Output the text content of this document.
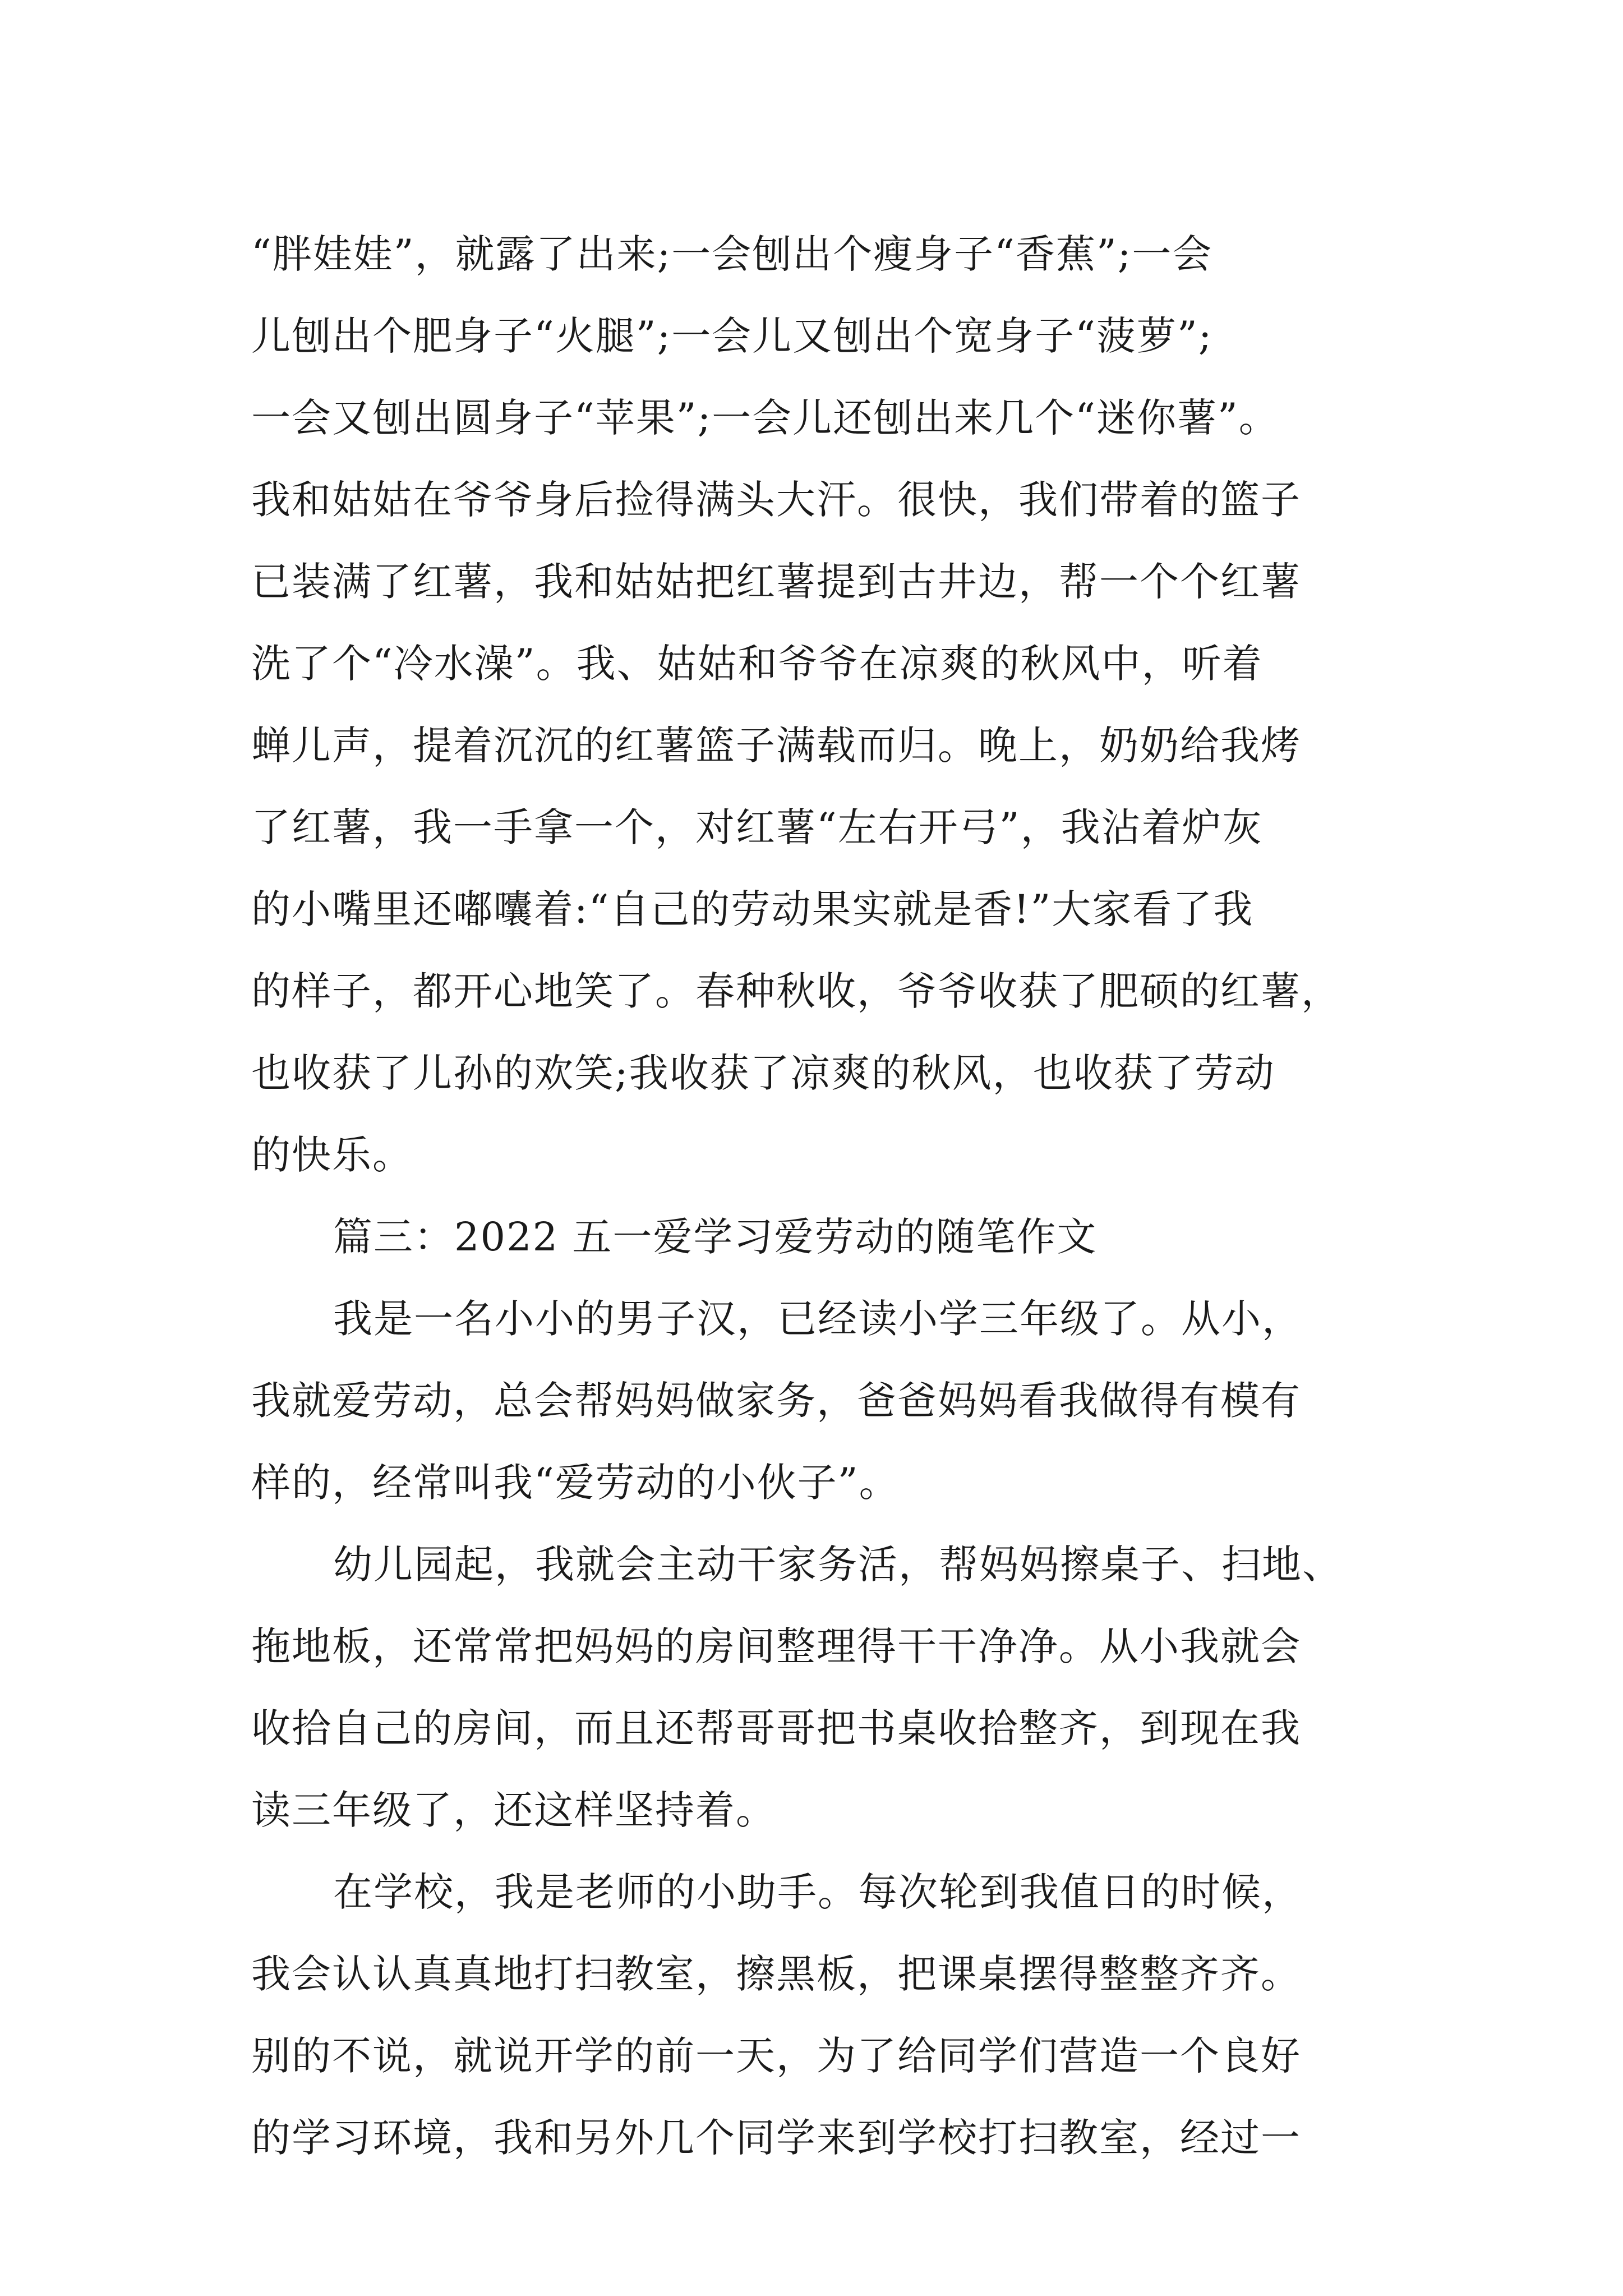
“胖娃娃”，就露了出来;一会刨出个瘦身子“香蕉”;一会
儿刨出个肥身子“火腿”;一会儿又刨出个宽身子“菠萝”;
一会又刨出圆身子“苹果”;一会儿还刨出来几个“迷你薯”。
我和姑姑在爷爷身后捡得满头大汗。很快，我们带着的篮子
已装满了红薯，我和姑姑把红薯提到古井边，帮一个个红薯
洗了个“冷水澡”。我、姑姑和爷爷在凉爽的秋风中，听着
蝉儿声，提着沉沉的红薯篮子满载而归。晚上，奶奶给我烤
了红薯，我一手拿一个，对红薯“左右开弓”，我沾着炉灰
的小嘴里还嘟囔着:“自己的劳动果实就是香!”大家看了我
的样子，都开心地笑了。春种秋收，爷爷收获了肥硕的红薯，
也收获了儿孙的欢笑;我收获了凉爽的秋风，也收获了劳动
的快乐。
篇三：2022 五一爱学习爱劳动的随笔作文
我是一名小小的男子汉，已经读小学三年级了。从小，
我就爱劳动，总会帮妈妈做家务，爸爸妈妈看我做得有模有
样的，经常叫我“爱劳动的小伙子”。
幼儿园起，我就会主动干家务活，帮妈妈擦桌子、扫地、
拖地板，还常常把妈妈的房间整理得干干净净。从小我就会
收拾自己的房间，而且还帮哥哥把书桌收拾整齐，到现在我
读三年级了，还这样坚持着。
在学校，我是老师的小助手。每次轮到我值日的时候，
我会认认真真地打扫教室，擦黑板，把课桌摆得整整齐齐。
别的不说，就说开学的前一天，为了给同学们营造一个良好
的学习环境，我和另外几个同学来到学校打扫教室，经过一
